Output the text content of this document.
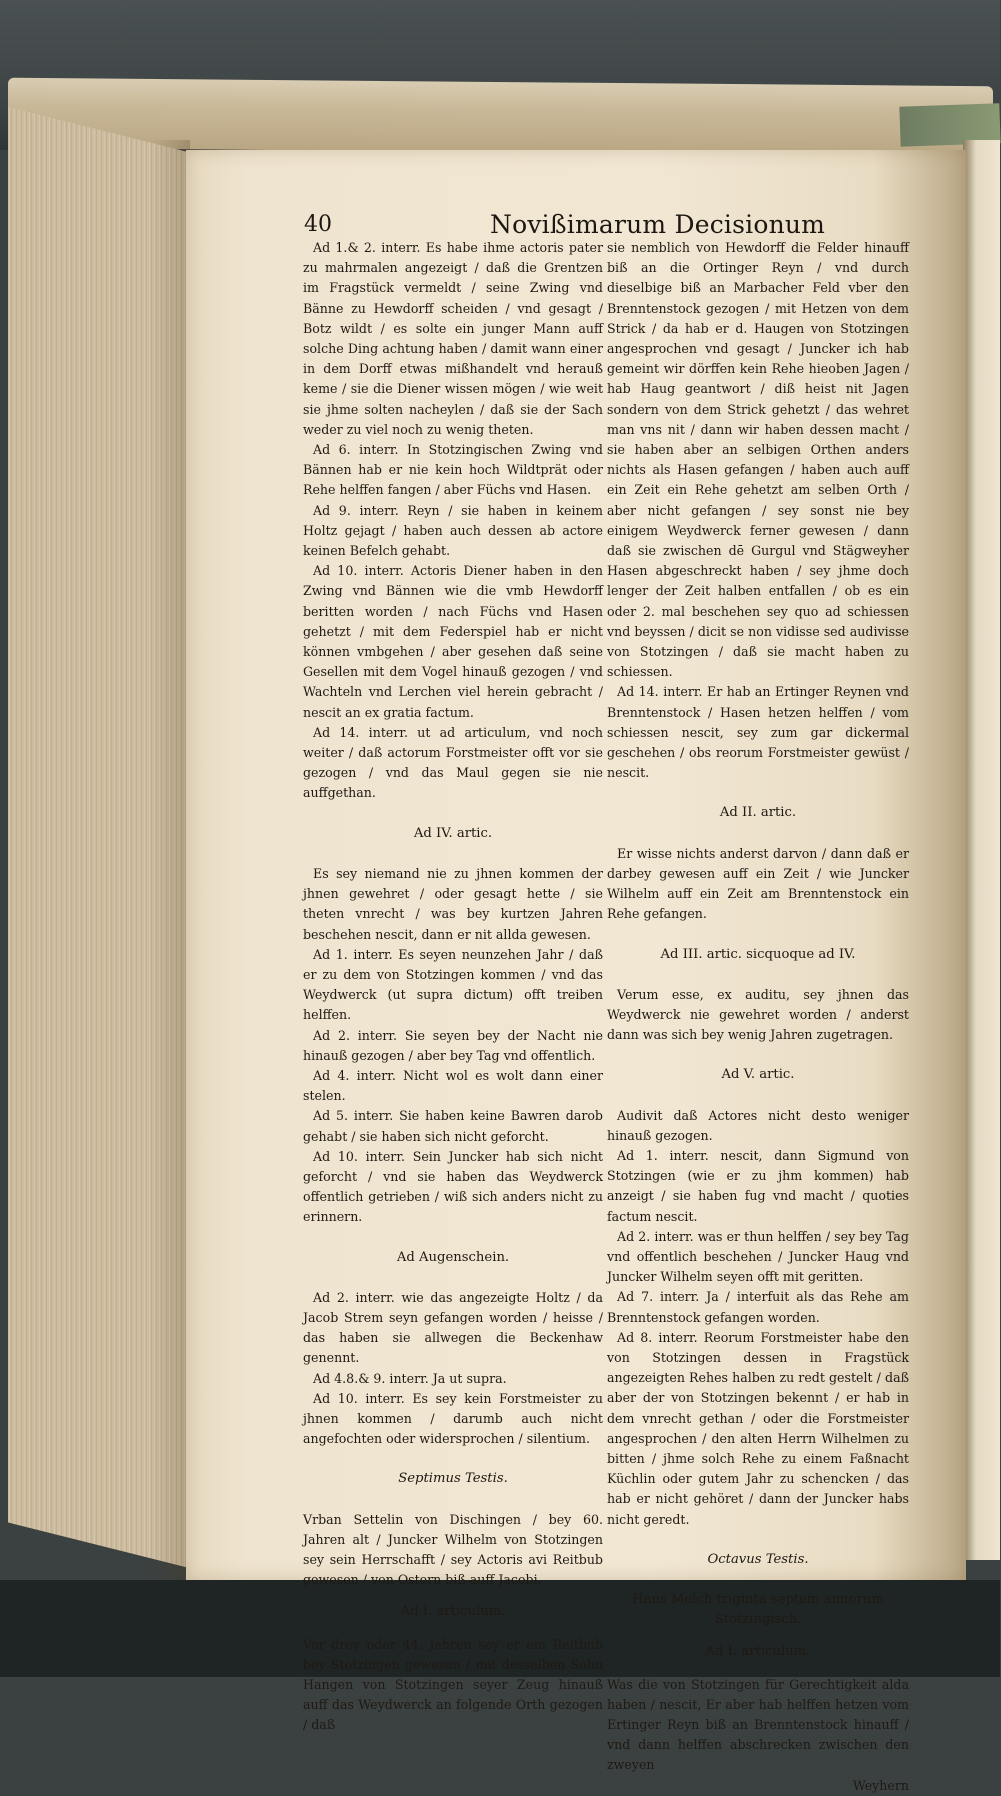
40	Novißimarum Decisionum

Ad 1.& 2. interr. Es habe ihme actoris pater zu mahrmalen angezeigt / daß die Grentzen im Fragstück vermeldt / seine Zwing vnd Bänne zu Hewdorff scheiden / vnd gesagt / Botz wildt / es solte ein junger Mann auff solche Ding achtung haben / damit wann einer in dem Dorff etwas mißhandelt vnd herauß keme / sie die Diener wissen mögen / wie weit sie jhme solten nacheylen / daß sie der Sach weder zu viel noch zu wenig theten.

Ad 6. interr. In Stotzingischen Zwing vnd Bännen hab er nie kein hoch Wildtprät oder Rehe helffen fangen / aber Füchs vnd Hasen.

Ad 9. interr. Reyn / sie haben in keinem Holtz gejagt / haben auch dessen ab actore keinen Befelch gehabt.

Ad 10. interr. Actoris Diener haben in den Zwing vnd Bännen wie die vmb Hewdorff beritten worden / nach Füchs vnd Hasen gehetzt / mit dem Federspiel hab er nicht können vmbgehen / aber gesehen daß seine Gesellen mit dem Vogel hinauß gezogen / vnd Wachteln vnd Lerchen viel herein gebracht / nescit an ex gratia factum.

Ad 14. interr. ut ad articulum, vnd noch weiter / daß actorum Forstmeister offt vor sie gezogen / vnd das Maul gegen sie nie auffgethan.

Ad IV. artic.

Es sey niemand nie zu jhnen kommen der jhnen gewehret / oder gesagt hette / sie theten vnrecht / was bey kurtzen Jahren beschehen nescit, dann er nit allda gewesen.

Ad 1. interr. Es seyen neunzehen Jahr / daß er zu dem von Stotzingen kommen / vnd das Weydwerck (ut supra dictum) offt treiben helffen.

Ad 2. interr. Sie seyen bey der Nacht nie hinauß gezogen / aber bey Tag vnd offentlich.

Ad 4. interr. Nicht wol es wolt dann einer stelen.

Ad 5. interr. Sie haben keine Bawren darob gehabt / sie haben sich nicht geforcht.

Ad 10. interr. Sein Juncker hab sich nicht geforcht / vnd sie haben das Weydwerck offentlich getrieben / wiß sich anders nicht zu erinnern.

Ad Augenschein.

Ad 2. interr. wie das angezeigte Holtz / da Jacob Strem seyn gefangen worden / heisse / das haben sie allwegen die Beckenhaw genennt.

Ad 4.8.& 9. interr. Ja ut supra.

Ad 10. interr. Es sey kein Forstmeister zu jhnen kommen / darumb auch nicht angefochten oder widersprochen / silentium.

Septimus Testis.

Vrban Settelin von Dischingen / bey 60. Jahren alt / Juncker Wilhelm von Stotzingen sey sein Herrschafft / sey Actoris avi Reitbub gewesen / von Ostern biß auff Jacobi.

Ad I. articulum.

Vor drey oder 44. Jahren sey er ein Reitbub bey Stotzingen gewesen / mit desselben Sohn Hangen von Stotzingen seyer Zeug hinauß auff das Weydwerck an folgende Orth gezogen / daß

sie nemblich von Hewdorff die Felder hinauff biß an die Ortinger Reyn / vnd durch dieselbige biß an Marbacher Feld vber den Brenntenstock gezogen / mit Hetzen von dem Strick / da hab er d. Haugen von Stotzingen angesprochen vnd gesagt / Juncker ich hab gemeint wir dörffen kein Rehe hieoben Jagen / hab Haug geantwort / diß heist nit Jagen sondern von dem Strick gehetzt / das wehret man vns nit / dann wir haben dessen macht / sie haben aber an selbigen Orthen anders nichts als Hasen gefangen / haben auch auff ein Zeit ein Rehe gehetzt am selben Orth / aber nicht gefangen / sey sonst nie bey einigem Weydwerck ferner gewesen / dann daß sie zwischen dē Gurgul vnd Stägweyher Hasen abgeschreckt haben / sey jhme doch lenger der Zeit halben entfallen / ob es ein oder 2. mal beschehen sey quo ad schiessen vnd beyssen / dicit se non vidisse sed audivisse von Stotzingen / daß sie macht haben zu schiessen.

Ad 14. interr. Er hab an Ertinger Reynen vnd Brenntenstock / Hasen hetzen helffen / vom schiessen nescit, sey zum gar dickermal geschehen / obs reorum Forstmeister gewüst / nescit.

Ad II. artic.

Er wisse nichts anderst darvon / dann daß er darbey gewesen auff ein Zeit / wie Juncker Wilhelm auff ein Zeit am Brenntenstock ein Rehe gefangen.

Ad III. artic. sicquoque ad IV.

Verum esse, ex auditu, sey jhnen das Weydwerck nie gewehret worden / anderst dann was sich bey wenig Jahren zugetragen.

Ad V. artic.

Audivit daß Actores nicht desto weniger hinauß gezogen.

Ad 1. interr. nescit, dann Sigmund von Stotzingen (wie er zu jhm kommen) hab anzeigt / sie haben fug vnd macht / quoties factum nescit.

Ad 2. interr. was er thun helffen / sey bey Tag vnd offentlich beschehen / Juncker Haug vnd Juncker Wilhelm seyen offt mit geritten.

Ad 7. interr. Ja / interfuit als das Rehe am Brenntenstock gefangen worden.

Ad 8. interr. Reorum Forstmeister habe den von Stotzingen dessen in Fragstück angezeigten Rehes halben zu redt gestelt / daß aber der von Stotzingen bekennt / er hab in dem vnrecht gethan / oder die Forstmeister angesprochen / den alten Herrn Wilhelmen zu bitten / jhme solch Rehe zu einem Faßnacht Küchlin oder gutem Jahr zu schencken / das hab er nicht gehöret / dann der Juncker habs nicht geredt.

Octavus Testis.

Hans Melch triginta septem annorum Stotzingisch.

Ad I. articulum.

Was die von Stotzingen für Gerechtigkeit alda haben / nescit, Er aber hab helffen hetzen vom Ertinger Reyn biß an Brenntenstock hinauff / vnd dann helffen abschrecken zwischen den zweyen

Weyhern
